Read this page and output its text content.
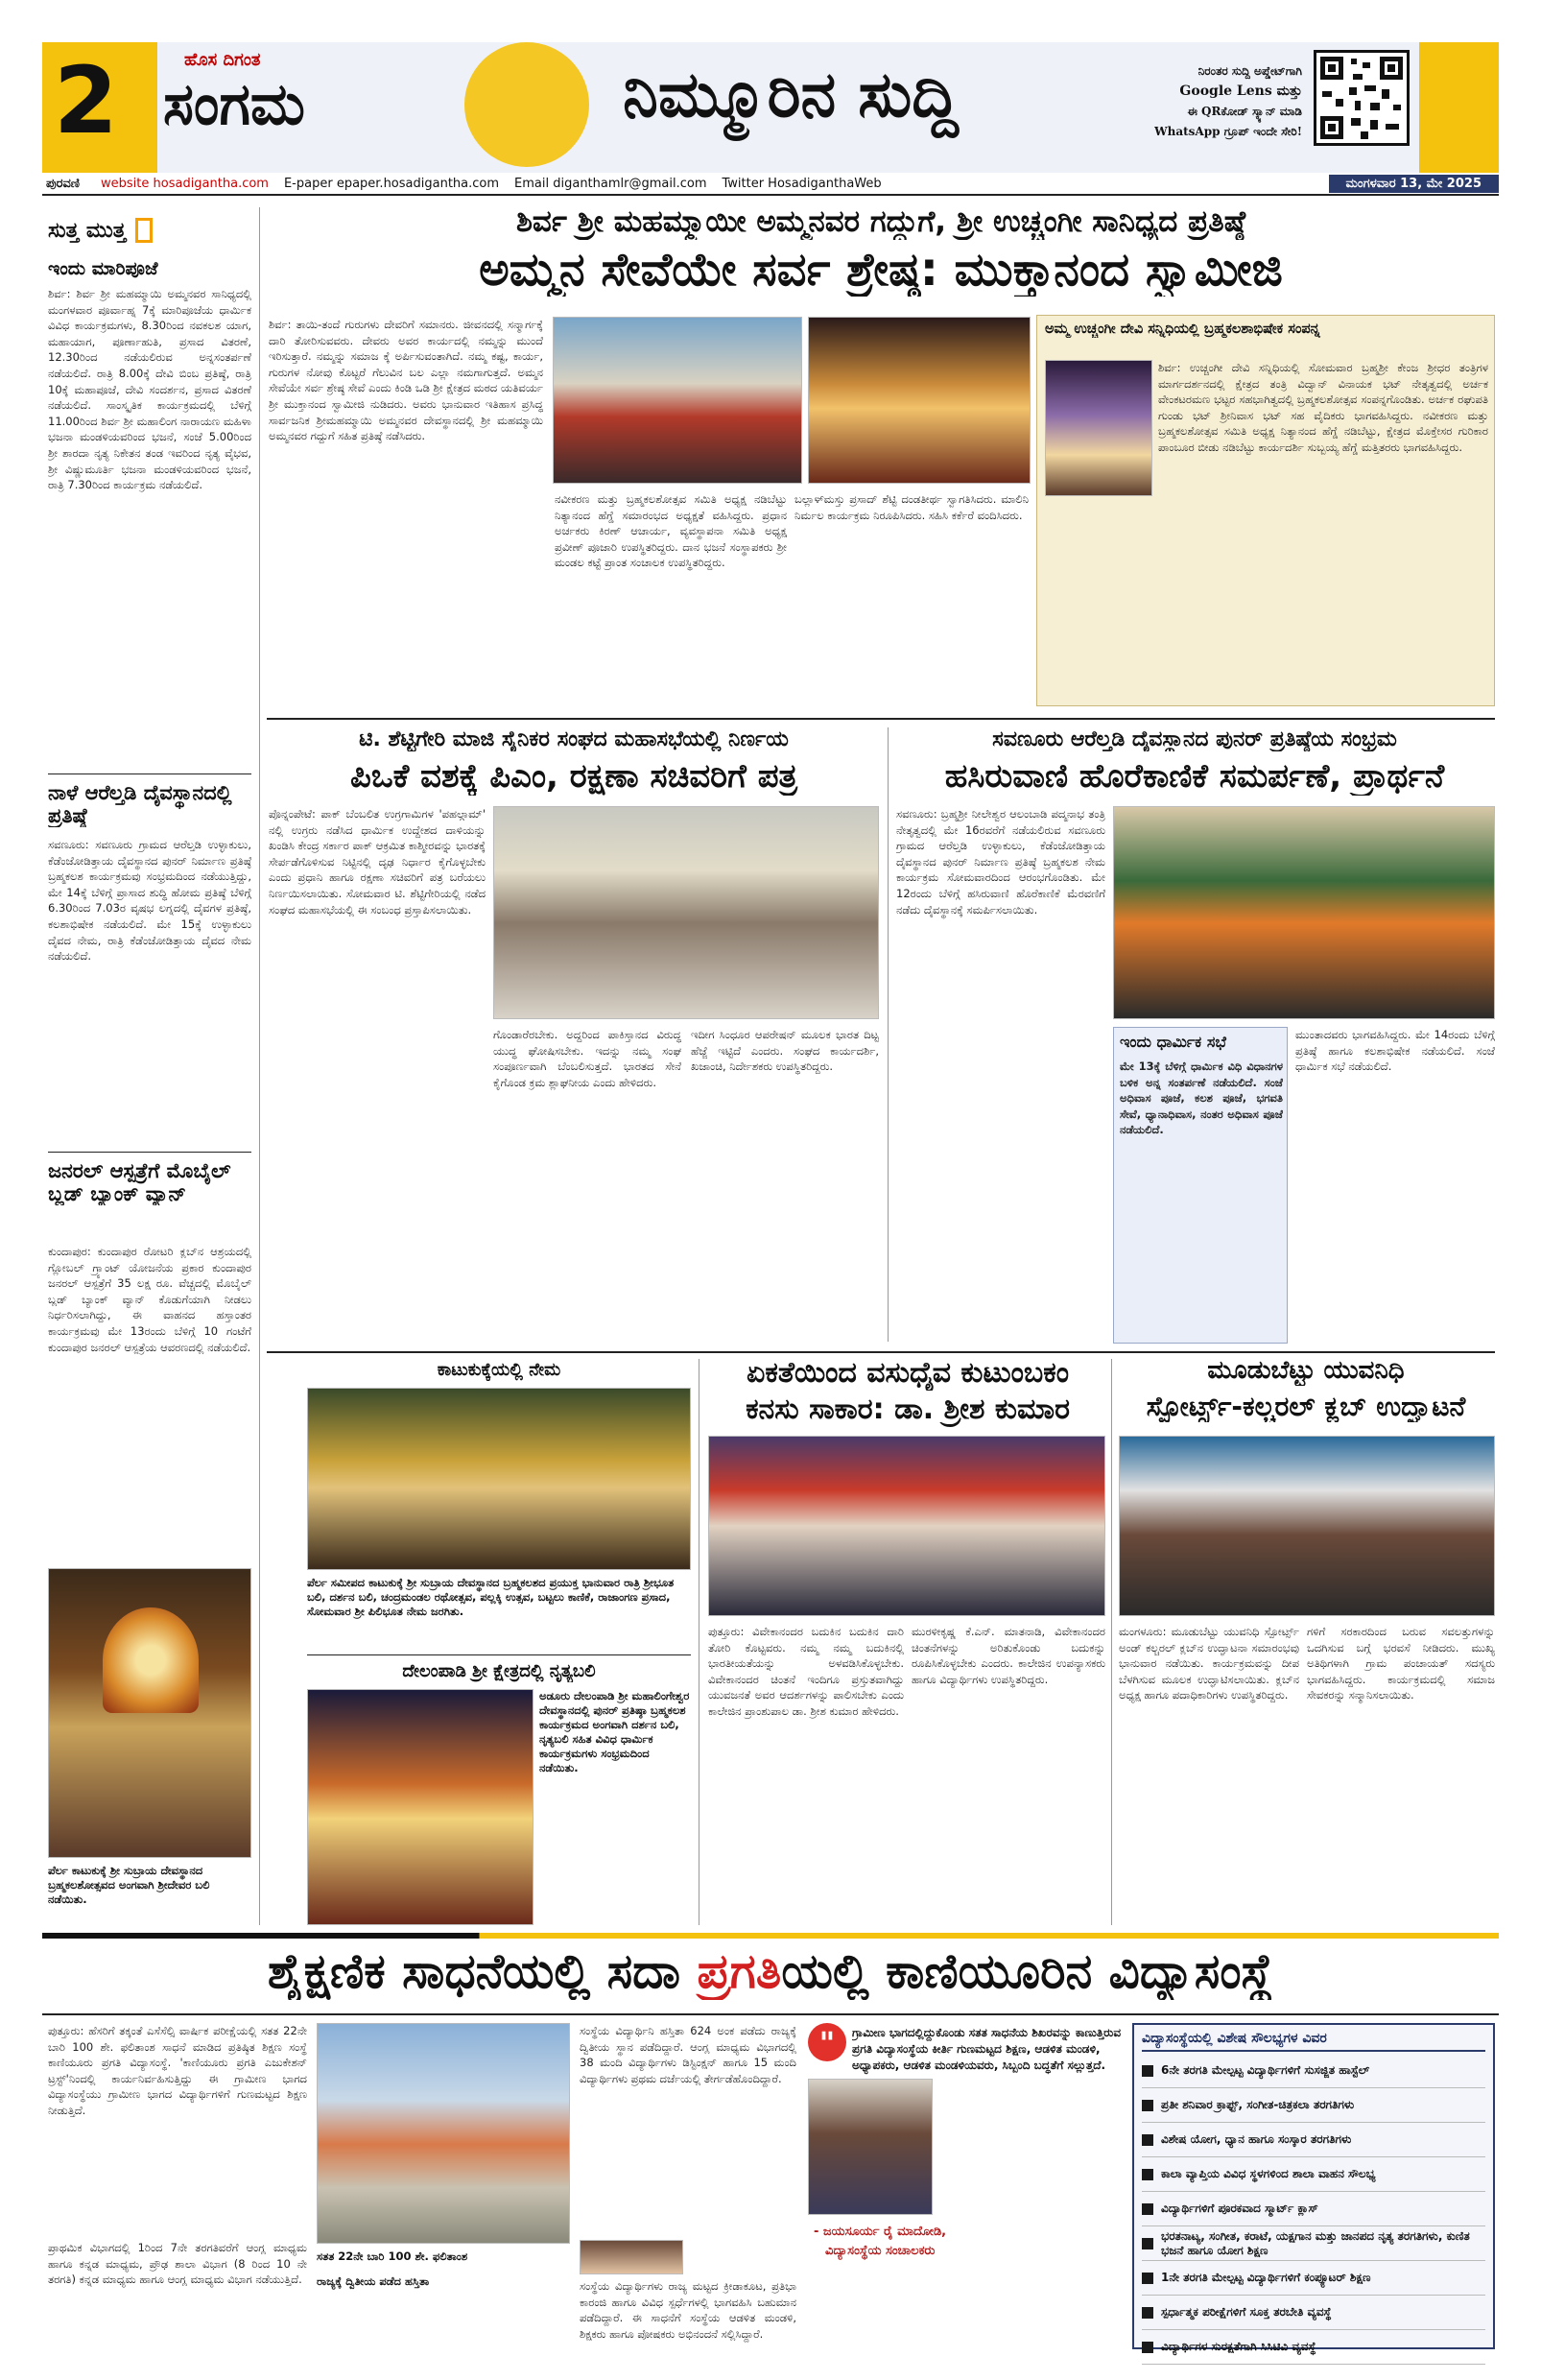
2	ಹೊಸ ದಿಗಂತ
ಸಂಗಮ	ನಿಮ್ಮೂರಿನ ಸುದ್ದಿ	ನಿರಂತರ ಸುದ್ದಿ ಅಪ್ಡೇಟ್‌ಗಾಗಿ
Google Lens ಮತ್ತು
ಈ QRಕೋಡ್ ಸ್ಕ್ಯಾನ್ ಮಾಡಿ
WhatsApp ಗ್ರೂಪ್ ಇಂದೇ ಸೇರಿ!
ಪುರವಣಿ website hosadigantha.com E-paper epaper.hosadigantha.com Email diganthamlr@gmail.com Twitter HosadiganthaWeb	ಮಂಗಳವಾರ 13, ಮೇ 2025
ಸುತ್ತ ಮುತ್ತ
ಇಂದು ಮಾರಿಪೂಜೆ
ಶಿರ್ವ: ಶಿರ್ವ ಶ್ರೀ ಮಹಮ್ಮಾಯಿ ಅಮ್ಮನವರ ಸಾನಿಧ್ಯದಲ್ಲಿ ಮಂಗಳವಾರ ಪೂರ್ವಾಹ್ನ 7ಕ್ಕೆ ಮಾರಿಪೂಜೆಯ ಧಾರ್ಮಿಕ ವಿವಿಧ ಕಾರ್ಯಕ್ರಮಗಳು, 8.30ರಿಂದ ನವಕಲಶ ಯಾಗ, ಮಹಾಯಾಗ, ಪೂರ್ಣಾಹುತಿ, ಪ್ರಸಾದ ವಿತರಣೆ, 12.30ರಿಂದ ನಡೆಯಲಿರುವ ಅನ್ನಸಂತರ್ಪಣೆ ನಡೆಯಲಿದೆ. ರಾತ್ರಿ 8.00ಕ್ಕೆ ದೇವಿ ಬಿಂಬ ಪ್ರತಿಷ್ಠೆ, ರಾತ್ರಿ 10ಕ್ಕೆ ಮಹಾಪೂಜೆ, ದೇವಿ ಸಂದರ್ಶನ, ಪ್ರಸಾದ ವಿತರಣೆ ನಡೆಯಲಿದೆ. ಸಾಂಸ್ಕೃತಿಕ ಕಾರ್ಯಕ್ರಮದಲ್ಲಿ ಬೆಳಿಗ್ಗೆ 11.00ರಿಂದ ಶಿರ್ವ ಶ್ರೀ ಮಹಾಲಿಂಗ ನಾರಾಯಣ ಮಹಿಳಾ ಭಜನಾ ಮಂಡಳಿಯವರಿಂದ ಭಜನೆ, ಸಂಜೆ 5.00ರಿಂದ ಶ್ರೀ ಶಾರದಾ ನೃತ್ಯ ನಿಕೇತನ ತಂಡ ಇವರಿಂದ ನೃತ್ಯ ವೈಭವ, ಶ್ರೀ ವಿಷ್ಣುಮೂರ್ತಿ ಭಜನಾ ಮಂಡಳಿಯವರಿಂದ ಭಜನೆ, ರಾತ್ರಿ 7.30ರಿಂದ ಕಾರ್ಯಕ್ರಮ ನಡೆಯಲಿದೆ.
ನಾಳೆ ಆರೆಲ್ತಡಿ ದೈವಸ್ಥಾನದಲ್ಲಿ ಪ್ರತಿಷ್ಠೆ
ಸವಣೂರು: ಸವಣೂರು ಗ್ರಾಮದ ಆರೆಲ್ತಡಿ ಉಳ್ಳಾಕುಲು, ಕೆಡೆಂಜೋಡಿತ್ತಾಯ ದೈವಸ್ಥಾನದ ಪುನರ್ ನಿರ್ಮಾಣ ಪ್ರತಿಷ್ಠೆ ಬ್ರಹ್ಮಕಲಶ ಕಾರ್ಯಕ್ರಮವು ಸಂಭ್ರಮದಿಂದ ನಡೆಯುತ್ತಿದ್ದು, ಮೇ 14ಕ್ಕೆ ಬೆಳಿಗ್ಗೆ ಪ್ರಾಸಾದ ಶುದ್ಧಿ ಹೋಮ ಪ್ರತಿಷ್ಠೆ ಬೆಳಿಗ್ಗೆ 6.30ರಿಂದ 7.03ರ ವೃಷಭ ಲಗ್ನದಲ್ಲಿ ದೈವಗಳ ಪ್ರತಿಷ್ಠೆ, ಕಲಶಾಭಿಷೇಕ ನಡೆಯಲಿದೆ. ಮೇ 15ಕ್ಕೆ ಉಳ್ಳಾಕುಲು ದೈವದ ನೇಮ, ರಾತ್ರಿ ಕೆಡೆಂಜೋಡಿತ್ತಾಯ ದೈವದ ನೇಮ ನಡೆಯಲಿದೆ.
ಜನರಲ್ ಆಸ್ಪತ್ರೆಗೆ ಮೊಬೈಲ್ ಬ್ಲಡ್ ಬ್ಯಾಂಕ್ ವ್ಯಾನ್
ಕುಂದಾಪುರ: ಕುಂದಾಪುರ ರೋಟರಿ ಕ್ಲಬ್‌ನ ಆಶ್ರಯದಲ್ಲಿ ಗ್ಲೋಬಲ್ ಗ್ರ್ಯಾಂಟ್ ಯೋಜನೆಯ ಪ್ರಕಾರ ಕುಂದಾಪುರ ಜನರಲ್ ಆಸ್ಪತ್ರೆಗೆ 35 ಲಕ್ಷ ರೂ. ವೆಚ್ಚದಲ್ಲಿ ಮೊಬೈಲ್ ಬ್ಲಡ್ ಬ್ಯಾಂಕ್ ವ್ಯಾನ್ ಕೊಡುಗೆಯಾಗಿ ನೀಡಲು ನಿರ್ಧರಿಸಲಾಗಿದ್ದು, ಈ ವಾಹನದ ಹಸ್ತಾಂತರ ಕಾರ್ಯಕ್ರಮವು ಮೇ 13ರಂದು ಬೆಳಿಗ್ಗೆ 10 ಗಂಟೆಗೆ ಕುಂದಾಪುರ ಜನರಲ್ ಆಸ್ಪತ್ರೆಯ ಆವರಣದಲ್ಲಿ ನಡೆಯಲಿದೆ.
ಪೆರ್ಲ ಕಾಟುಕುಕ್ಕೆ ಶ್ರೀ ಸುಬ್ರಾಯ ದೇವಸ್ಥಾನದ ಬ್ರಹ್ಮಕಲಶೋತ್ಸವದ ಅಂಗವಾಗಿ ಶ್ರೀದೇವರ ಬಲಿ ನಡೆಯಿತು.
ಶಿರ್ವ ಶ್ರೀ ಮಹಮ್ಮಾಯೀ ಅಮ್ಮನವರ ಗದ್ದುಗೆ, ಶ್ರೀ ಉಚ್ಚಂಗೀ ಸಾನಿಧ್ಯದ ಪ್ರತಿಷ್ಠೆ
ಅಮ್ಮನ ಸೇವೆಯೇ ಸರ್ವ ಶ್ರೇಷ್ಠ: ಮುಕ್ತಾನಂದ ಸ್ವಾಮೀಜಿ
ಶಿರ್ವ: ತಾಯಿ-ತಂದೆ ಗುರುಗಳು ದೇವರಿಗೆ ಸಮಾನರು. ಜೀವನದಲ್ಲಿ ಸನ್ಮಾರ್ಗಕ್ಕೆ ದಾರಿ ತೋರಿಸುವವರು. ದೇವರು ಅವರ ಕಾರ್ಯದಲ್ಲಿ ನಮ್ಮನ್ನು ಮುಂದೆ ಇರಿಸುತ್ತಾರೆ. ನಮ್ಮನ್ನು ಸಮಾಜ ಕ್ಕೆ ಅರ್ಪಿಸುವಂತಾಗಿದೆ. ನಮ್ಮ ಕಷ್ಟ, ಕಾರ್ಯ, ಗುರುಗಳ ನೋವು ಕೊಟ್ಟರೆ ಗೆಲುವಿನ ಬಲ ಎಲ್ಲಾ ನಮಗಾಗುತ್ತದೆ. ಅಮ್ಮನ ಸೇವೆಯೇ ಸರ್ವ ಶ್ರೇಷ್ಠ ಸೇವೆ ಎಂದು ಕಿಂಡಿ ಒಡಿ ಶ್ರೀ ಕ್ಷೇತ್ರದ ಮಠದ ಯತಿವರ್ಯ ಶ್ರೀ ಮುಕ್ತಾನಂದ ಸ್ವಾಮೀಜಿ ನುಡಿದರು. ಅವರು ಭಾನುವಾರ ಇತಿಹಾಸ ಪ್ರಸಿದ್ಧ ಸಾರ್ವಜನಿಕ ಶ್ರೀಮಹಮ್ಮಾಯಿ ಅಮ್ಮನವರ ದೇವಸ್ಥಾನದಲ್ಲಿ ಶ್ರೀ ಮಹಮ್ಮಾಯಿ ಅಮ್ಮನವರ ಗದ್ದುಗೆ ಸಹಿತ ಪ್ರತಿಷ್ಠೆ ನಡೆಸಿದರು.
ನವೀಕರಣ ಮತ್ತು ಬ್ರಹ್ಮಕಲಶೋತ್ಸವ ಸಮಿತಿ ಅಧ್ಯಕ್ಷ ನಡಿಬೆಟ್ಟು ನಿತ್ಯಾನಂದ ಹೆಗ್ಡೆ ಸಮಾರಂಭದ ಅಧ್ಯಕ್ಷತೆ ವಹಿಸಿದ್ದರು. ಪ್ರಧಾನ ಅರ್ಚಕರು ಕಿರಣ್ ಆಚಾರ್ಯ, ವ್ಯವಸ್ಥಾಪನಾ ಸಮಿತಿ ಅಧ್ಯಕ್ಷ ಪ್ರವೀಣ್ ಪೂಜಾರಿ ಉಪಸ್ಥಿತರಿದ್ದರು. ದಾನ ಭಜನೆ ಸಂಸ್ಥಾಪಕರು ಶ್ರೀ ಮಂಡಲ ಕಟ್ಟೆ ಪ್ರಾಂತ ಸಂಚಾಲಕ ಉಪಸ್ಥಿತರಿದ್ದರು.
ಬಲ್ಲಾಳ್‌ಮಸ್ತು ಪ್ರಸಾದ್ ಶೆಟ್ಟಿ ದಂಡತೀರ್ಥ ಸ್ವಾಗತಿಸಿದರು. ಮಾಲಿನಿ ನಿರ್ಮಲ ಕಾರ್ಯಕ್ರಮ ನಿರೂಪಿಸಿದರು. ಸಹಿಸಿ ಕರ್ಕೆರೆ ವಂದಿಸಿದರು.
ಅಮ್ಮ ಉಚ್ಚಂಗೀ ದೇವಿ ಸನ್ನಿಧಿಯಲ್ಲಿ ಬ್ರಹ್ಮಕಲಶಾಭಿಷೇಕ ಸಂಪನ್ನ
ಶಿರ್ವ: ಉಚ್ಚಂಗೀ ದೇವಿ ಸನ್ನಿಧಿಯಲ್ಲಿ ಸೋಮವಾರ ಬ್ರಹ್ಮಶ್ರೀ ಕೇಂಜ ಶ್ರೀಧರ ತಂತ್ರಿಗಳ ಮಾರ್ಗದರ್ಶನದಲ್ಲಿ ಕ್ಷೇತ್ರದ ತಂತ್ರಿ ವಿದ್ವಾನ್ ವಿನಾಯಕ ಭಟ್ ನೇತೃತ್ವದಲ್ಲಿ ಅರ್ಚಕ ವೇಂಕಟರಮಣ ಭಟ್ಟರ ಸಹಭಾಗಿತ್ವದಲ್ಲಿ ಬ್ರಹ್ಮಕಲಶೋತ್ಸವ ಸಂಪನ್ನಗೊಂಡಿತು. ಅರ್ಚಕ ರಘುಪತಿ ಗುಂಡು ಭಟ್ ಶ್ರೀನಿವಾಸ ಭಟ್ ಸಹ ವೈದಿಕರು ಭಾಗವಹಿಸಿದ್ದರು. ನವೀಕರಣ ಮತ್ತು ಬ್ರಹ್ಮಕಲಶೋತ್ಸವ ಸಮಿತಿ ಅಧ್ಯಕ್ಷ ನಿತ್ಯಾನಂದ ಹೆಗ್ಡೆ ನಡಿಬೆಟ್ಟು, ಕ್ಷೇತ್ರದ ಮೊಕ್ತೇಸರ ಗುರಿಕಾರ ಪಾಂಬೂರ ಬೀಡು ನಡಿಬೆಟ್ಟು ಕಾರ್ಯದರ್ಶಿ ಸುಬ್ಬಯ್ಯ ಹೆಗ್ಡೆ ಮತ್ತಿತರರು ಭಾಗವಹಿಸಿದ್ದರು.
ಟಿ. ಶೆಟ್ಟಿಗೇರಿ ಮಾಜಿ ಸೈನಿಕರ ಸಂಘದ ಮಹಾಸಭೆಯಲ್ಲಿ ನಿರ್ಣಯ
ಪಿಒಕೆ ವಶಕ್ಕೆ ಪಿಎಂ, ರಕ್ಷಣಾ ಸಚಿವರಿಗೆ ಪತ್ರ
ಪೊನ್ನಂಪೇಟೆ: ಪಾಕ್ ಬೆಂಬಲಿತ ಉಗ್ರಗಾಮಿಗಳ 'ಪಹಲ್ಗಾಮ್' ನಲ್ಲಿ ಉಗ್ರರು ನಡೆಸಿದ ಧಾರ್ಮಿಕ ಉದ್ದೇಶದ ದಾಳಿಯನ್ನು ಖಂಡಿಸಿ ಕೇಂದ್ರ ಸರ್ಕಾರ ಪಾಕ್ ಆಕ್ರಮಿತ ಕಾಶ್ಮೀರವನ್ನು ಭಾರತಕ್ಕೆ ಸೇರ್ಪಡೆಗೊಳಿಸುವ ನಿಟ್ಟಿನಲ್ಲಿ ದೃಢ ನಿರ್ಧಾರ ಕೈಗೊಳ್ಳಬೇಕು ಎಂದು ಪ್ರಧಾನಿ ಹಾಗೂ ರಕ್ಷಣಾ ಸಚಿವರಿಗೆ ಪತ್ರ ಬರೆಯಲು ನಿರ್ಣಯಿಸಲಾಯಿತು. ಸೋಮವಾರ ಟಿ. ಶೆಟ್ಟಿಗೇರಿಯಲ್ಲಿ ನಡೆದ ಸಂಘದ ಮಹಾಸಭೆಯಲ್ಲಿ ಈ ಸಂಬಂಧ ಪ್ರಸ್ತಾಪಿಸಲಾಯಿತು.
ಗೊಂಡಾರೆರಬೇಕು. ಅದ್ದರಿಂದ ಪಾಕಿಸ್ತಾನದ ವಿರುದ್ಧ ಯುದ್ಧ ಘೋಷಿಸಬೇಕು. ಇದನ್ನು ನಮ್ಮ ಸಂಘ ಸಂಪೂರ್ಣವಾಗಿ ಬೆಂಬಲಿಸುತ್ತದೆ. ಭಾರತದ ಸೇನೆ ಕೈಗೊಂಡ ಕ್ರಮ ಶ್ಲಾಘನೀಯ ಎಂದು ಹೇಳಿದರು.
ಇದೀಗ ಸಿಂಧೂರ ಆಪರೇಷನ್ ಮೂಲಕ ಭಾರತ ದಿಟ್ಟ ಹೆಜ್ಜೆ ಇಟ್ಟಿದೆ ಎಂದರು. ಸಂಘದ ಕಾರ್ಯದರ್ಶಿ, ಖಜಾಂಚಿ, ನಿರ್ದೇಶಕರು ಉಪಸ್ಥಿತರಿದ್ದರು.
ಸವಣೂರು ಆರೆಲ್ತಡಿ ದೈವಸ್ಥಾನದ ಪುನರ್ ಪ್ರತಿಷ್ಠೆಯ ಸಂಭ್ರಮ
ಹಸಿರುವಾಣಿ ಹೊರೆಕಾಣಿಕೆ ಸಮರ್ಪಣೆ, ಪ್ರಾರ್ಥನೆ
ಸವಣೂರು: ಬ್ರಹ್ಮಶ್ರೀ ನೀಲೇಶ್ವರ ಆಲಂಬಾಡಿ ಪದ್ಮನಾಭ ತಂತ್ರಿ ನೇತೃತ್ವದಲ್ಲಿ ಮೇ 16ರವರೆಗೆ ನಡೆಯಲಿರುವ ಸವಣೂರು ಗ್ರಾಮದ ಆರೆಲ್ತಡಿ ಉಳ್ಳಾಕುಲು, ಕೆಡೆಂಜೋಡಿತ್ತಾಯ ದೈವಸ್ಥಾನದ ಪುನರ್ ನಿರ್ಮಾಣ ಪ್ರತಿಷ್ಠೆ ಬ್ರಹ್ಮಕಲಶ ನೇಮ ಕಾರ್ಯಕ್ರಮ ಸೋಮವಾರದಿಂದ ಆರಂಭಗೊಂಡಿತು. ಮೇ 12ರಂದು ಬೆಳಿಗ್ಗೆ ಹಸಿರುವಾಣಿ ಹೊರೆಕಾಣಿಕೆ ಮೆರವಣಿಗೆ ನಡೆದು ದೈವಸ್ಥಾನಕ್ಕೆ ಸಮರ್ಪಿಸಲಾಯಿತು.
ಇಂದು ಧಾರ್ಮಿಕ ಸಭೆ
ಮೇ 13ಕ್ಕೆ ಬೆಳಿಗ್ಗೆ ಧಾರ್ಮಿಕ ವಿಧಿ ವಿಧಾನಗಳ ಬಳಿಕ ಅನ್ನ ಸಂತರ್ಪಣೆ ನಡೆಯಲಿದೆ. ಸಂಜೆ ಅಧಿವಾಸ ಪೂಜೆ, ಕಲಶ ಪೂಜೆ, ಭಗವತಿ ಸೇವೆ, ಧ್ಯಾನಾಧಿವಾಸ, ನಂತರ ಅಧಿವಾಸ ಪೂಜೆ ನಡೆಯಲಿದೆ.
ಮುಂತಾದವರು ಭಾಗವಹಿಸಿದ್ದರು. ಮೇ 14ರಂದು ಬೆಳಿಗ್ಗೆ ಪ್ರತಿಷ್ಠೆ ಹಾಗೂ ಕಲಶಾಭಿಷೇಕ ನಡೆಯಲಿದೆ. ಸಂಜೆ ಧಾರ್ಮಿಕ ಸಭೆ ನಡೆಯಲಿದೆ.
ಕಾಟುಕುಕ್ಕೆಯಲ್ಲಿ ನೇಮ
ಪೆರ್ಲ ಸಮೀಪದ ಕಾಟುಕುಕ್ಕೆ ಶ್ರೀ ಸುಬ್ರಾಯ ದೇವಸ್ಥಾನದ ಬ್ರಹ್ಮಕಲಶದ ಪ್ರಯುಕ್ತ ಭಾನುವಾರ ರಾತ್ರಿ ಶ್ರೀಭೂತ ಬಲಿ, ದರ್ಶನ ಬಲಿ, ಚಂದ್ರಮಂಡಲ ರಥೋತ್ಸವ, ಪಲ್ಲಕ್ಕಿ ಉತ್ಸವ, ಬಟ್ಟಲು ಕಾಣಿಕೆ, ರಾಜಾಂಗಣ ಪ್ರಸಾದ, ಸೋಮವಾರ ಶ್ರೀ ಪಿಲಿಭೂತ ನೇಮ ಜರಗಿತು.
ದೇಲಂಪಾಡಿ ಶ್ರೀ ಕ್ಷೇತ್ರದಲ್ಲಿ ನೃತ್ಯಬಲಿ
ಅಡೂರು ದೇಲಂಪಾಡಿ ಶ್ರೀ ಮಹಾಲಿಂಗೇಶ್ವರ ದೇವಸ್ಥಾನದಲ್ಲಿ ಪುನರ್ ಪ್ರತಿಷ್ಠಾ ಬ್ರಹ್ಮಕಲಶ ಕಾರ್ಯಕ್ರಮದ ಅಂಗವಾಗಿ ದರ್ಶನ ಬಲಿ, ನೃತ್ಯಬಲಿ ಸಹಿತ ವಿವಿಧ ಧಾರ್ಮಿಕ ಕಾರ್ಯಕ್ರಮಗಳು ಸಂಭ್ರಮದಿಂದ ನಡೆಯಿತು.
ಏಕತೆಯಿಂದ ವಸುಧೈವ ಕುಟುಂಬಕಂ
ಕನಸು ಸಾಕಾರ: ಡಾ. ಶ್ರೀಶ ಕುಮಾರ
ಪುತ್ತೂರು: ವಿವೇಕಾನಂದರ ಬದುಕಿನ ಬದುಕಿನ ದಾರಿ ತೋರಿ ಕೊಟ್ಟವರು. ನಮ್ಮ ನಮ್ಮ ಬದುಕಿನಲ್ಲಿ ಭಾರತೀಯತೆಯನ್ನು ಅಳವಡಿಸಿಕೊಳ್ಳಬೇಕು. ವಿವೇಕಾನಂದರ ಚಿಂತನೆ ಇಂದಿಗೂ ಪ್ರಸ್ತುತವಾಗಿದ್ದು ಯುವಜನತೆ ಅವರ ಆದರ್ಶಗಳನ್ನು ಪಾಲಿಸಬೇಕು ಎಂದು ಕಾಲೇಜಿನ ಪ್ರಾಂಶುಪಾಲ ಡಾ. ಶ್ರೀಶ ಕುಮಾರ ಹೇಳಿದರು.
ಮುರಳೀಕೃಷ್ಣ ಕೆ.ಎನ್. ಮಾತನಾಡಿ, ವಿವೇಕಾನಂದರ ಚಿಂತನೆಗಳನ್ನು ಅರಿತುಕೊಂಡು ಬದುಕನ್ನು ರೂಪಿಸಿಕೊಳ್ಳಬೇಕು ಎಂದರು. ಕಾಲೇಜಿನ ಉಪನ್ಯಾಸಕರು ಹಾಗೂ ವಿದ್ಯಾರ್ಥಿಗಳು ಉಪಸ್ಥಿತರಿದ್ದರು.
ಮೂಡುಬೆಟ್ಟು ಯುವನಿಧಿ
ಸ್ಪೋರ್ಟ್ಸ್-ಕಲ್ಚರಲ್ ಕ್ಲಬ್ ಉದ್ಘಾಟನೆ
ಮಂಗಳೂರು: ಮೂಡುಬೆಟ್ಟು ಯುವನಿಧಿ ಸ್ಪೋರ್ಟ್ಸ್ ಅಂಡ್ ಕಲ್ಚರಲ್ ಕ್ಲಬ್‌ನ ಉದ್ಘಾಟನಾ ಸಮಾರಂಭವು ಭಾನುವಾರ ನಡೆಯಿತು. ಕಾರ್ಯಕ್ರಮವನ್ನು ದೀಪ ಬೆಳಗಿಸುವ ಮೂಲಕ ಉದ್ಘಾಟಿಸಲಾಯಿತು. ಕ್ಲಬ್‌ನ ಅಧ್ಯಕ್ಷ ಹಾಗೂ ಪದಾಧಿಕಾರಿಗಳು ಉಪಸ್ಥಿತರಿದ್ದರು.
ಗಳಿಗೆ ಸರಕಾರದಿಂದ ಬರುವ ಸವಲತ್ತುಗಳನ್ನು ಒದಗಿಸುವ ಬಗ್ಗೆ ಭರವಸೆ ನೀಡಿದರು. ಮುಖ್ಯ ಅತಿಥಿಗಳಾಗಿ ಗ್ರಾಮ ಪಂಚಾಯತ್ ಸದಸ್ಯರು ಭಾಗವಹಿಸಿದ್ದರು. ಕಾರ್ಯಕ್ರಮದಲ್ಲಿ ಸಮಾಜ ಸೇವಕರನ್ನು ಸನ್ಮಾನಿಸಲಾಯಿತು.
ಶೈಕ್ಷಣಿಕ ಸಾಧನೆಯಲ್ಲಿ ಸದಾ ಪ್ರಗತಿಯಲ್ಲಿ ಕಾಣಿಯೂರಿನ ವಿದ್ಯಾಸಂಸ್ಥೆ
ಪುತ್ತೂರು: ಹೆಸರಿಗೆ ತಕ್ಕಂತೆ ಎಸೆಸೆಲ್ಸಿ ವಾರ್ಷಿಕ ಪರೀಕ್ಷೆಯಲ್ಲಿ ಸತತ 22ನೇ ಬಾರಿ 100 ಶೇ. ಫಲಿತಾಂಶ ಸಾಧನೆ ಮಾಡಿದ ಪ್ರತಿಷ್ಠಿತ ಶಿಕ್ಷಣ ಸಂಸ್ಥೆ ಕಾಣಿಯೂರು ಪ್ರಗತಿ ವಿದ್ಯಾಸಂಸ್ಥೆ. 'ಕಾಣಿಯೂರು ಪ್ರಗತಿ ಎಜುಕೇಶನ್ ಟ್ರಸ್ಟ್‌'ನಿಂದಲ್ಲಿ ಕಾರ್ಯನಿರ್ವಹಿಸುತ್ತಿದ್ದು ಈ ಗ್ರಾಮೀಣ ಭಾಗದ ವಿದ್ಯಾಸಂಸ್ಥೆಯು ಗ್ರಾಮೀಣ ಭಾಗದ ವಿದ್ಯಾರ್ಥಿಗಳಿಗೆ ಗುಣಮಟ್ಟದ ಶಿಕ್ಷಣ ನೀಡುತ್ತಿದೆ.
ಪ್ರಾಥಮಿಕ ವಿಭಾಗದಲ್ಲಿ 1ರಿಂದ 7ನೇ ತರಗತಿವರೆಗೆ ಆಂಗ್ಲ ಮಾಧ್ಯಮ ಹಾಗೂ ಕನ್ನಡ ಮಾಧ್ಯಮ, ಪ್ರೌಢ ಶಾಲಾ ವಿಭಾಗ (8 ರಿಂದ 10 ನೇ ತರಗತಿ) ಕನ್ನಡ ಮಾಧ್ಯಮ ಹಾಗೂ ಆಂಗ್ಲ ಮಾಧ್ಯಮ ವಿಭಾಗ ನಡೆಯುತ್ತಿದೆ.
ಸತತ 22ನೇ ಬಾರಿ 100 ಶೇ. ಫಲಿತಾಂಶ
ಸಂಸ್ಥೆಯ ವಿದ್ಯಾರ್ಥಿನಿ ಹಸ್ತಿತಾ 624 ಅಂಕ ಪಡೆದು ರಾಜ್ಯಕ್ಕೆ ದ್ವಿತೀಯ ಸ್ಥಾನ ಪಡೆದಿದ್ದಾರೆ. ಆಂಗ್ಲ ಮಾಧ್ಯಮ ವಿಭಾಗದಲ್ಲಿ 38 ಮಂದಿ ವಿದ್ಯಾರ್ಥಿಗಳು ಡಿಸ್ಟಿಂಕ್ಷನ್ ಹಾಗೂ 15 ಮಂದಿ ವಿದ್ಯಾರ್ಥಿಗಳು ಪ್ರಥಮ ದರ್ಜೆಯಲ್ಲಿ ತೇರ್ಗಡೆಹೊಂದಿದ್ದಾರೆ.
ರಾಜ್ಯಕ್ಕೆ ದ್ವಿತೀಯ ಪಡೆದ ಹಸ್ತಿತಾ	ಸಂಸ್ಥೆಯ ವಿದ್ಯಾರ್ಥಿಗಳು ರಾಜ್ಯ ಮಟ್ಟದ ಕ್ರೀಡಾಕೂಟ, ಪ್ರತಿಭಾ ಕಾರಂಜಿ ಹಾಗೂ ವಿವಿಧ ಸ್ಪರ್ಧೆಗಳಲ್ಲಿ ಭಾಗವಹಿಸಿ ಬಹುಮಾನ ಪಡೆದಿದ್ದಾರೆ. ಈ ಸಾಧನೆಗೆ ಸಂಸ್ಥೆಯ ಆಡಳಿತ ಮಂಡಳಿ, ಶಿಕ್ಷಕರು ಹಾಗೂ ಪೋಷಕರು ಅಭಿನಂದನೆ ಸಲ್ಲಿಸಿದ್ದಾರೆ.
"	ಗ್ರಾಮೀಣ ಭಾಗದಲ್ಲಿದ್ದುಕೊಂಡು ಸತತ ಸಾಧನೆಯ ಶಿಖರವನ್ನು ಕಾಣುತ್ತಿರುವ ಪ್ರಗತಿ ವಿದ್ಯಾಸಂಸ್ಥೆಯ ಕೀರ್ತಿ ಗುಣಮಟ್ಟದ ಶಿಕ್ಷಣ, ಆಡಳಿತ ಮಂಡಳಿ, ಅಧ್ಯಾಪಕರು, ಆಡಳಿತ ಮಂಡಳಿಯವರು, ಸಿಬ್ಬಂದಿ ಬದ್ಧತೆಗೆ ಸಲ್ಲುತ್ತದೆ.
- ಜಯಸೂರ್ಯ ರೈ ಮಾದೋಡಿ,
ವಿದ್ಯಾಸಂಸ್ಥೆಯ ಸಂಚಾಲಕರು
ವಿದ್ಯಾಸಂಸ್ಥೆಯಲ್ಲಿ ವಿಶೇಷ ಸೌಲಭ್ಯಗಳ ವಿವರ
6ನೇ ತರಗತಿ ಮೇಲ್ಪಟ್ಟ ವಿದ್ಯಾರ್ಥಿಗಳಿಗೆ ಸುಸಜ್ಜಿತ ಹಾಸ್ಟೆಲ್
ಪ್ರತೀ ಶನಿವಾರ ಕ್ರಾಫ್ಟ್, ಸಂಗೀತ-ಚಿತ್ರಕಲಾ ತರಗತಿಗಳು
ವಿಶೇಷ ಯೋಗ, ಧ್ಯಾನ ಹಾಗೂ ಸಂಸ್ಕಾರ ತರಗತಿಗಳು
ಕಾಲಾ ವ್ಯಾಪ್ತಿಯ ವಿವಿಧ ಸ್ಥಳಗಳಿಂದ ಶಾಲಾ ವಾಹನ ಸೌಲಭ್ಯ
ವಿದ್ಯಾರ್ಥಿಗಳಿಗೆ ಪೂರಕವಾದ ಸ್ಮಾರ್ಟ್ ಕ್ಲಾಸ್
ಭರತನಾಟ್ಯ, ಸಂಗೀತ, ಕರಾಟೆ, ಯಕ್ಷಗಾನ ಮತ್ತು ಜಾನಪದ ನೃತ್ಯ ತರಗತಿಗಳು, ಕುಣಿತ ಭಜನೆ ಹಾಗೂ ಯೋಗ ಶಿಕ್ಷಣ
1ನೇ ತರಗತಿ ಮೇಲ್ಪಟ್ಟ ವಿದ್ಯಾರ್ಥಿಗಳಿಗೆ ಕಂಪ್ಯೂಟರ್ ಶಿಕ್ಷಣ
ಸ್ಪರ್ಧಾತ್ಮಕ ಪರೀಕ್ಷೆಗಳಿಗೆ ಸೂಕ್ತ ತರಬೇತಿ ವ್ಯವಸ್ಥೆ
ವಿದ್ಯಾರ್ಥಿಗಳ ಸುರಕ್ಷತೆಗಾಗಿ ಸಿಸಿಟಿವಿ ವ್ಯವಸ್ಥೆ
